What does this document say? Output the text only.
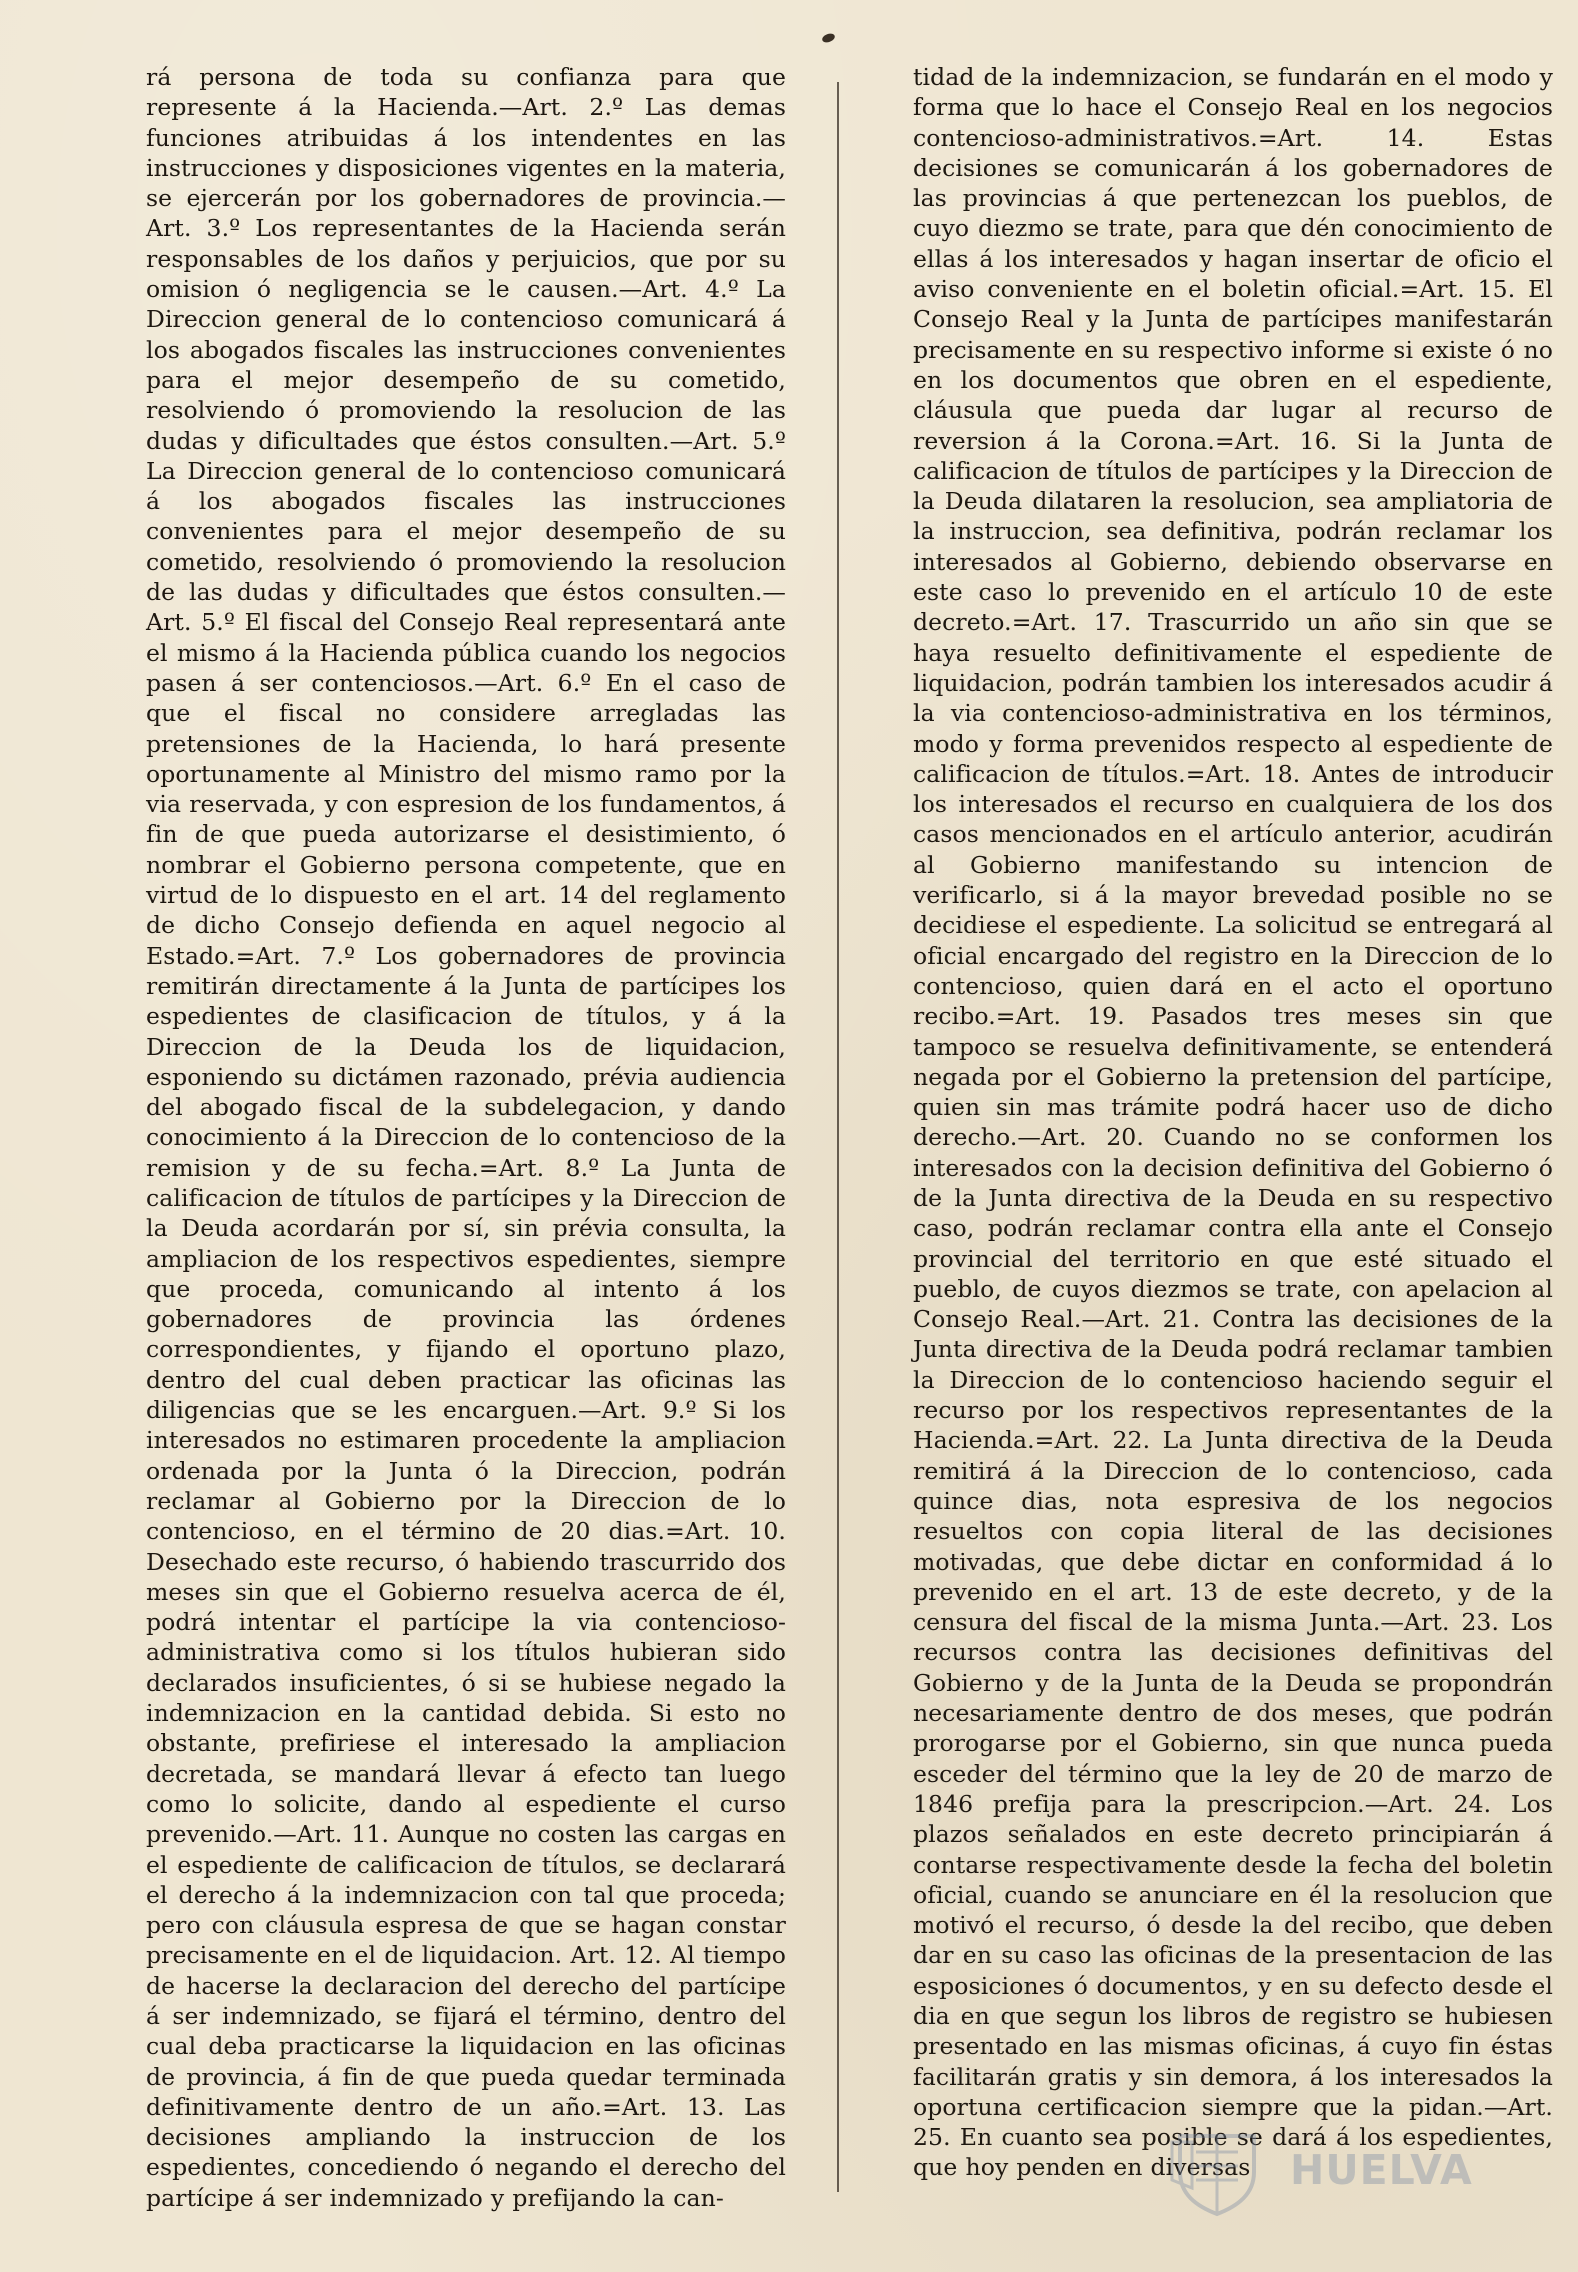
rá persona de toda su confianza para que represente á la Hacienda.—Art. 2.º Las demas funciones atribuidas á los intendentes en las instrucciones y disposiciones vigentes en la materia, se ejercerán por los gobernadores de provincia.—Art. 3.º Los representantes de la Hacienda serán responsables de los daños y perjuicios, que por su omision ó negligencia se le causen.—Art. 4.º La Direccion general de lo contencioso comunicará á los abogados fiscales las instrucciones convenientes para el mejor desempeño de su cometido, resolviendo ó promoviendo la resolucion de las dudas y dificultades que éstos consulten.—Art. 5.º La Direccion general de lo contencioso comunicará á los abogados fiscales las instrucciones convenientes para el mejor desempeño de su cometido, resolviendo ó promoviendo la resolucion de las dudas y dificultades que éstos consulten.—Art. 5.º El fiscal del Consejo Real representará ante el mismo á la Hacienda pública cuando los negocios pasen á ser contenciosos.—Art. 6.º En el caso de que el fiscal no considere arregladas las pretensiones de la Hacienda, lo hará presente oportunamente al Ministro del mismo ramo por la via reservada, y con espresion de los fundamentos, á fin de que pueda autorizarse el desistimiento, ó nombrar el Gobierno persona competente, que en virtud de lo dispuesto en el art. 14 del reglamento de dicho Consejo defienda en aquel negocio al Estado.=Art. 7.º Los gobernadores de provincia remitirán directamente á la Junta de partícipes los espedientes de clasificacion de títulos, y á la Direccion de la Deuda los de liquidacion, esponiendo su dictámen razonado, prévia audiencia del abogado fiscal de la subdelegacion, y dando conocimiento á la Direccion de lo contencioso de la remision y de su fecha.=Art. 8.º La Junta de calificacion de títulos de partícipes y la Direccion de la Deuda acordarán por sí, sin prévia consulta, la ampliacion de los respectivos espedientes, siempre que proceda, comunicando al intento á los gobernadores de provincia las órdenes correspondientes, y fijando el oportuno plazo, dentro del cual deben practicar las oficinas las diligencias que se les encarguen.—Art. 9.º Si los interesados no estimaren procedente la ampliacion ordenada por la Junta ó la Direccion, podrán reclamar al Gobierno por la Direccion de lo contencioso, en el término de 20 dias.=Art. 10. Desechado este recurso, ó habiendo trascurrido dos meses sin que el Gobierno resuelva acerca de él, podrá intentar el partícipe la via contencioso-administrativa como si los títulos hubieran sido declarados insuficientes, ó si se hubiese negado la indemnizacion en la cantidad debida. Si esto no obstante, prefiriese el interesado la ampliacion decretada, se mandará llevar á efecto tan luego como lo solicite, dando al espediente el curso prevenido.—Art. 11. Aunque no costen las cargas en el espediente de calificacion de títulos, se declarará el derecho á la indemnizacion con tal que proceda; pero con cláusula espresa de que se hagan constar precisamente en el de liquidacion. Art. 12. Al tiempo de hacerse la declaracion del derecho del partícipe á ser indemnizado, se fijará el término, dentro del cual deba practicarse la liquidacion en las oficinas de provincia, á fin de que pueda quedar terminada definitivamente dentro de un año.=Art. 13. Las decisiones ampliando la instruccion de los espedientes, concediendo ó negando el derecho del partícipe á ser indemnizado y prefijando la can-

tidad de la indemnizacion, se fundarán en el modo y forma que lo hace el Consejo Real en los negocios contencioso-administrativos.=Art. 14. Estas decisiones se comunicarán á los gobernadores de las provincias á que pertenezcan los pueblos, de cuyo diezmo se trate, para que dén conocimiento de ellas á los interesados y hagan insertar de oficio el aviso conveniente en el boletin oficial.=Art. 15. El Consejo Real y la Junta de partícipes manifestarán precisamente en su respectivo informe si existe ó no en los documentos que obren en el espediente, cláusula que pueda dar lugar al recurso de reversion á la Corona.=Art. 16. Si la Junta de calificacion de títulos de partícipes y la Direccion de la Deuda dilataren la resolucion, sea ampliatoria de la instruccion, sea definitiva, podrán reclamar los interesados al Gobierno, debiendo observarse en este caso lo prevenido en el artículo 10 de este decreto.=Art. 17. Trascurrido un año sin que se haya resuelto definitivamente el espediente de liquidacion, podrán tambien los interesados acudir á la via contencioso-administrativa en los términos, modo y forma prevenidos respecto al espediente de calificacion de títulos.=Art. 18. Antes de introducir los interesados el recurso en cualquiera de los dos casos mencionados en el artículo anterior, acudirán al Gobierno manifestando su intencion de verificarlo, si á la mayor brevedad posible no se decidiese el espediente. La solicitud se entregará al oficial encargado del registro en la Direccion de lo contencioso, quien dará en el acto el oportuno recibo.=Art. 19. Pasados tres meses sin que tampoco se resuelva definitivamente, se entenderá negada por el Gobierno la pretension del partícipe, quien sin mas trámite podrá hacer uso de dicho derecho.—Art. 20. Cuando no se conformen los interesados con la decision definitiva del Gobierno ó de la Junta directiva de la Deuda en su respectivo caso, podrán reclamar contra ella ante el Consejo provincial del territorio en que esté situado el pueblo, de cuyos diezmos se trate, con apelacion al Consejo Real.—Art. 21. Contra las decisiones de la Junta directiva de la Deuda podrá reclamar tambien la Direccion de lo contencioso haciendo seguir el recurso por los respectivos representantes de la Hacienda.=Art. 22. La Junta directiva de la Deuda remitirá á la Direccion de lo contencioso, cada quince dias, nota espresiva de los negocios resueltos con copia literal de las decisiones motivadas, que debe dictar en conformidad á lo prevenido en el art. 13 de este decreto, y de la censura del fiscal de la misma Junta.—Art. 23. Los recursos contra las decisiones definitivas del Gobierno y de la Junta de la Deuda se propondrán necesariamente dentro de dos meses, que podrán prorogarse por el Gobierno, sin que nunca pueda esceder del término que la ley de 20 de marzo de 1846 prefija para la prescripcion.—Art. 24. Los plazos señalados en este decreto principiarán á contarse respectivamente desde la fecha del boletin oficial, cuando se anunciare en él la resolucion que motivó el recurso, ó desde la del recibo, que deben dar en su caso las oficinas de la presentacion de las esposiciones ó documentos, y en su defecto desde el dia en que segun los libros de registro se hubiesen presentado en las mismas oficinas, á cuyo fin éstas facilitarán gratis y sin demora, á los interesados la oportuna certificacion siempre que la pidan.—Art. 25. En cuanto sea posible se dará á los espedientes, que hoy penden en diversas HUELVA
